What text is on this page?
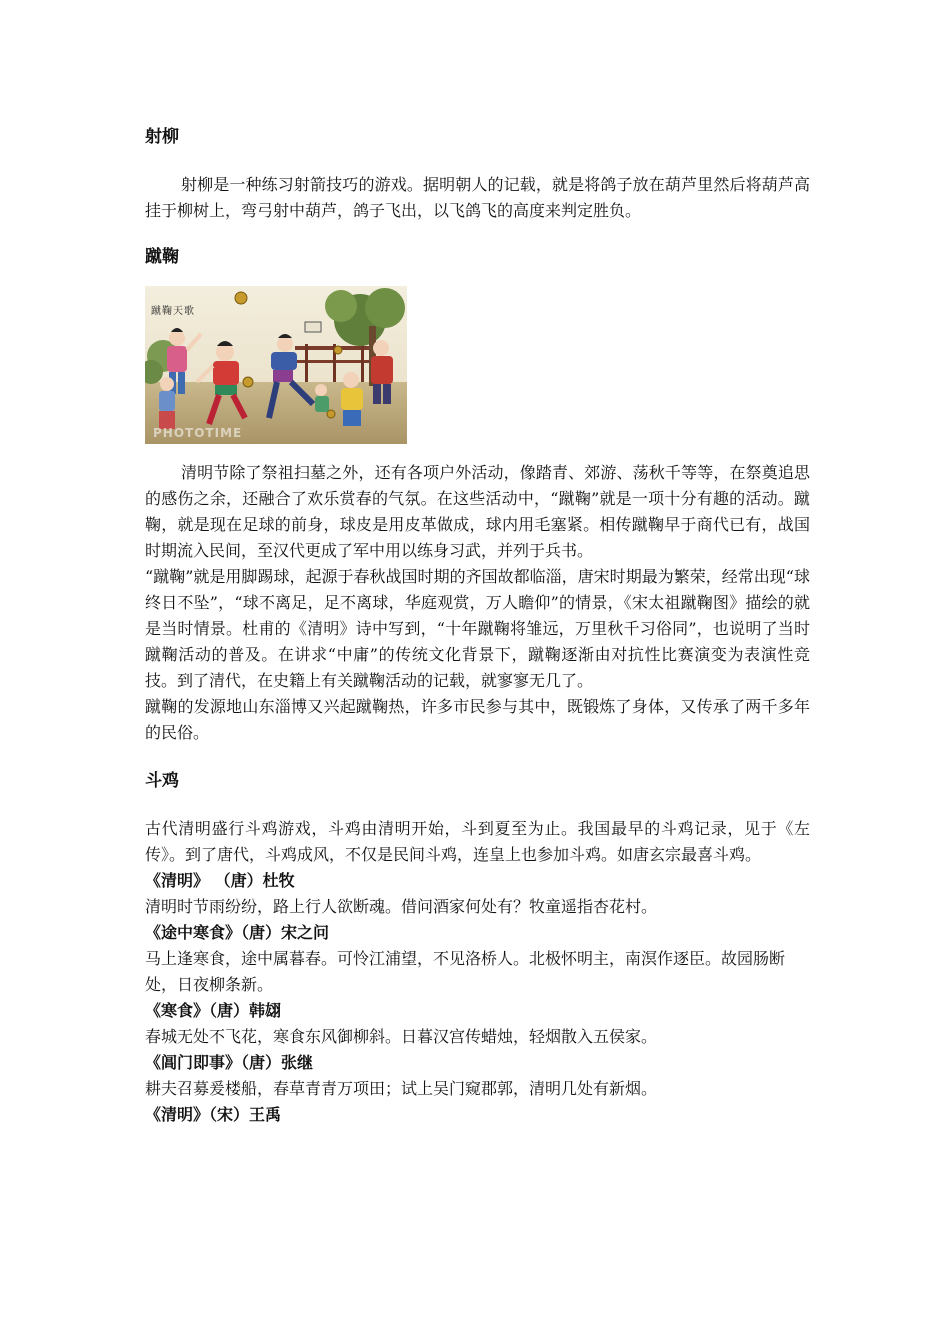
射柳

射柳是一种练习射箭技巧的游戏。据明朝人的记载，就是将鸽子放在葫芦里然后将葫芦高挂于柳树上，弯弓射中葫芦，鸽子飞出，以飞鸽飞的高度来判定胜负。

蹴鞠
蹴鞠天歌
PHOTOTIME

清明节除了祭祖扫墓之外，还有各项户外活动，像踏青、郊游、荡秋千等等，在祭奠追思的感伤之余，还融合了欢乐赏春的气氛。在这些活动中，“蹴鞠”就是一项十分有趣的活动。蹴鞠，就是现在足球的前身，球皮是用皮革做成，球内用毛塞紧。相传蹴鞠早于商代已有，战国时期流入民间，至汉代更成了军中用以练身习武，并列于兵书。

“蹴鞠”就是用脚踢球，起源于春秋战国时期的齐国故都临淄，唐宋时期最为繁荣，经常出现“球终日不坠”，“球不离足，足不离球，华庭观赏，万人瞻仰”的情景，《宋太祖蹴鞠图》描绘的就是当时情景。杜甫的《清明》诗中写到，“十年蹴鞠将雏远，万里秋千习俗同”，也说明了当时蹴鞠活动的普及。在讲求“中庸”的传统文化背景下，蹴鞠逐渐由对抗性比赛演变为表演性竞技。到了清代，在史籍上有关蹴鞠活动的记载，就寥寥无几了。

蹴鞠的发源地山东淄博又兴起蹴鞠热，许多市民参与其中，既锻炼了身体，又传承了两千多年的民俗。

斗鸡

古代清明盛行斗鸡游戏，斗鸡由清明开始，斗到夏至为止。我国最早的斗鸡记录，见于《左传》。到了唐代，斗鸡成风，不仅是民间斗鸡，连皇上也参加斗鸡。如唐玄宗最喜斗鸡。

《清明》 （唐）杜牧

清明时节雨纷纷，路上行人欲断魂。借问酒家何处有？牧童遥指杏花村。

《途中寒食》（唐）宋之问

马上逢寒食，途中属暮春。可怜江浦望，不见洛桥人。北极怀明主，南溟作逐臣。故园肠断处，日夜柳条新。

《寒食》（唐）韩翃

春城无处不飞花，寒食东风御柳斜。日暮汉宫传蜡烛，轻烟散入五侯家。

《阊门即事》（唐）张继

耕夫召募爰楼船，春草青青万项田；试上吴门窥郡郭，清明几处有新烟。

《清明》（宋）王禹
